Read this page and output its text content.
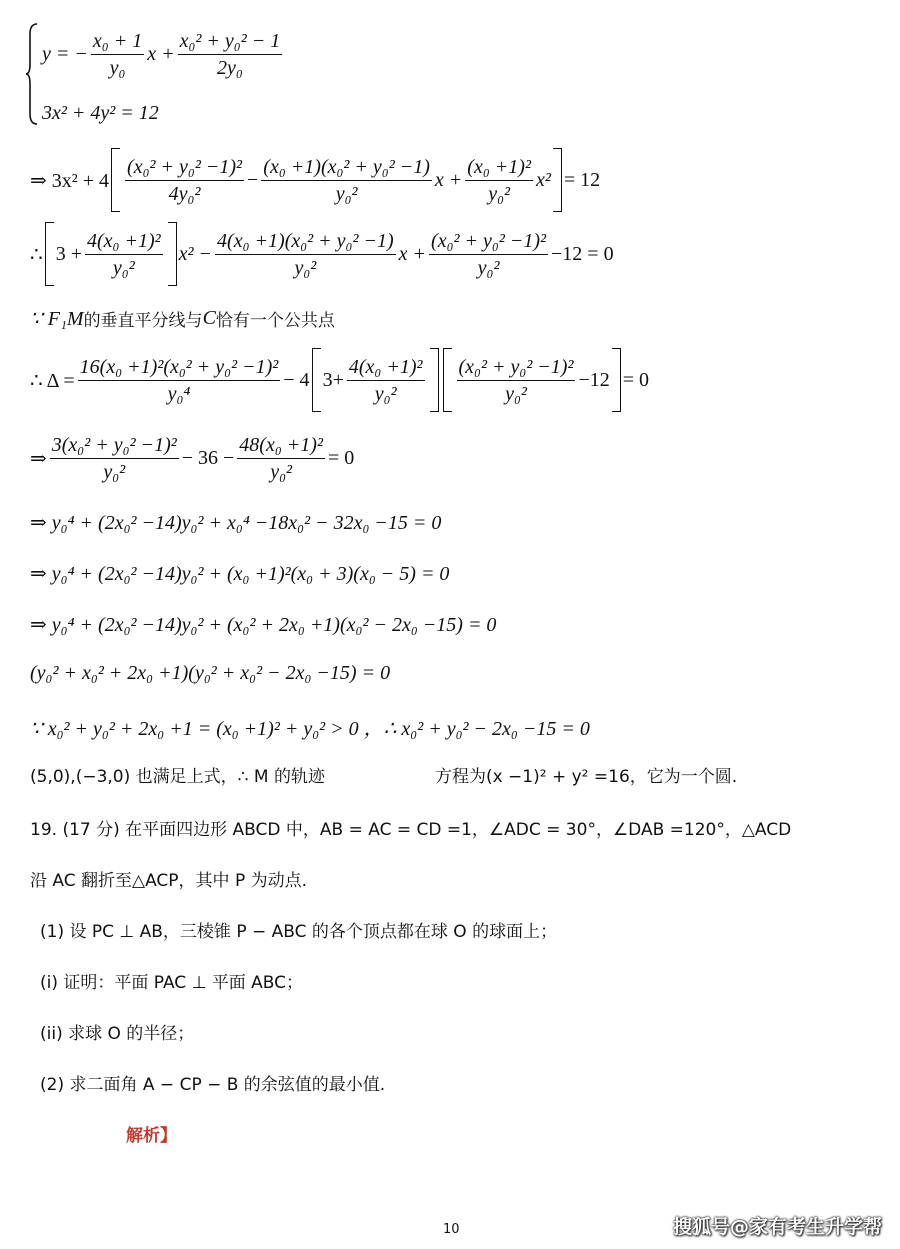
y = − $\frac{\text{x₀ + 1}}{\text{y₀}}$ $x + \frac{\text{x₀² + y₀² − 1}}{\text{2y₀}}$
3x² + 4y² = 12
⇒ $3x^2 + 4 \frac{\text{(x₀² + y₀² −1)²}}{\text{4y₀²}} - \frac{\text{(x₀ +1)(x₀² + y₀² −1)}}{\text{y₀²}}$ $x + \frac{\text{(x₀ +1)²}}{\text{y₀²}} x^2 = 12$
∴ $3 + \frac{\text{4(x₀ +1)²}}{\text{y₀²}} x^2 - \frac{\text{4(x₀ +1)(x₀² + y₀² −1)}}{\text{y₀²}}$ $x + \frac{\text{(x₀² + y₀² −1)²}}{\text{y₀²}} -12 = 0$
∵ F₁M 的垂直平分线与 C 恰有一个公共点
∴ $\Delta = \frac{\text{16(x₀ +1)²(x₀² + y₀² −1)²}}{\text{y₀⁴}} - 4$ $3+ \frac{\text{4(x₀ +1)²}}{\text{y₀²}} \frac{\text{(x₀² + y₀² −1)²}}{\text{y₀²}} -12 = 0$
⇒ $\frac{\text{3(x₀² + y₀² −1)²}}{\text{y₀²}} - 36 - \frac{\text{48(x₀ +1)²}}{\text{y₀²}} = 0$
⇒ y₀⁴ + (2x₀² −14)y₀² + x₀⁴ −18x₀² − 32x₀ −15 = 0
⇒ y₀⁴ + (2x₀² −14)y₀² + (x₀ +1)²(x₀ + 3)(x₀ − 5) = 0
⇒ y₀⁴ + (2x₀² −14)y₀² + (x₀² + 2x₀ +1)(x₀² − 2x₀ −15) = 0
(y₀² + x₀² + 2x₀ +1)(y₀² + x₀² − 2x₀ −15) = 0
∵ x₀² + y₀² + 2x₀ +1 = (x₀ +1)² + y₀² > 0 ，∴ x₀² + y₀² − 2x₀ −15 = 0
(5,0),(−3,0) 也满足上式，∴ M 的轨迹	方程为(x −1)² + y² =16，它为一个圆.
19. (17 分) 在平面四边形 ABCD 中，AB = AC = CD =1，∠ADC = 30°，∠DAB =120°，△ACD
沿 AC 翻折至△ACP，其中 P 为动点.
(1) 设 PC ⊥ AB，三棱锥 P − ABC 的各个顶点都在球 O 的球面上；
(i) 证明：平面 PAC ⊥ 平面 ABC；
(ii) 求球 O 的半径；
(2) 求二面角 A − CP − B 的余弦值的最小值.
解析】
10	搜狐号@家有考生升学帮
